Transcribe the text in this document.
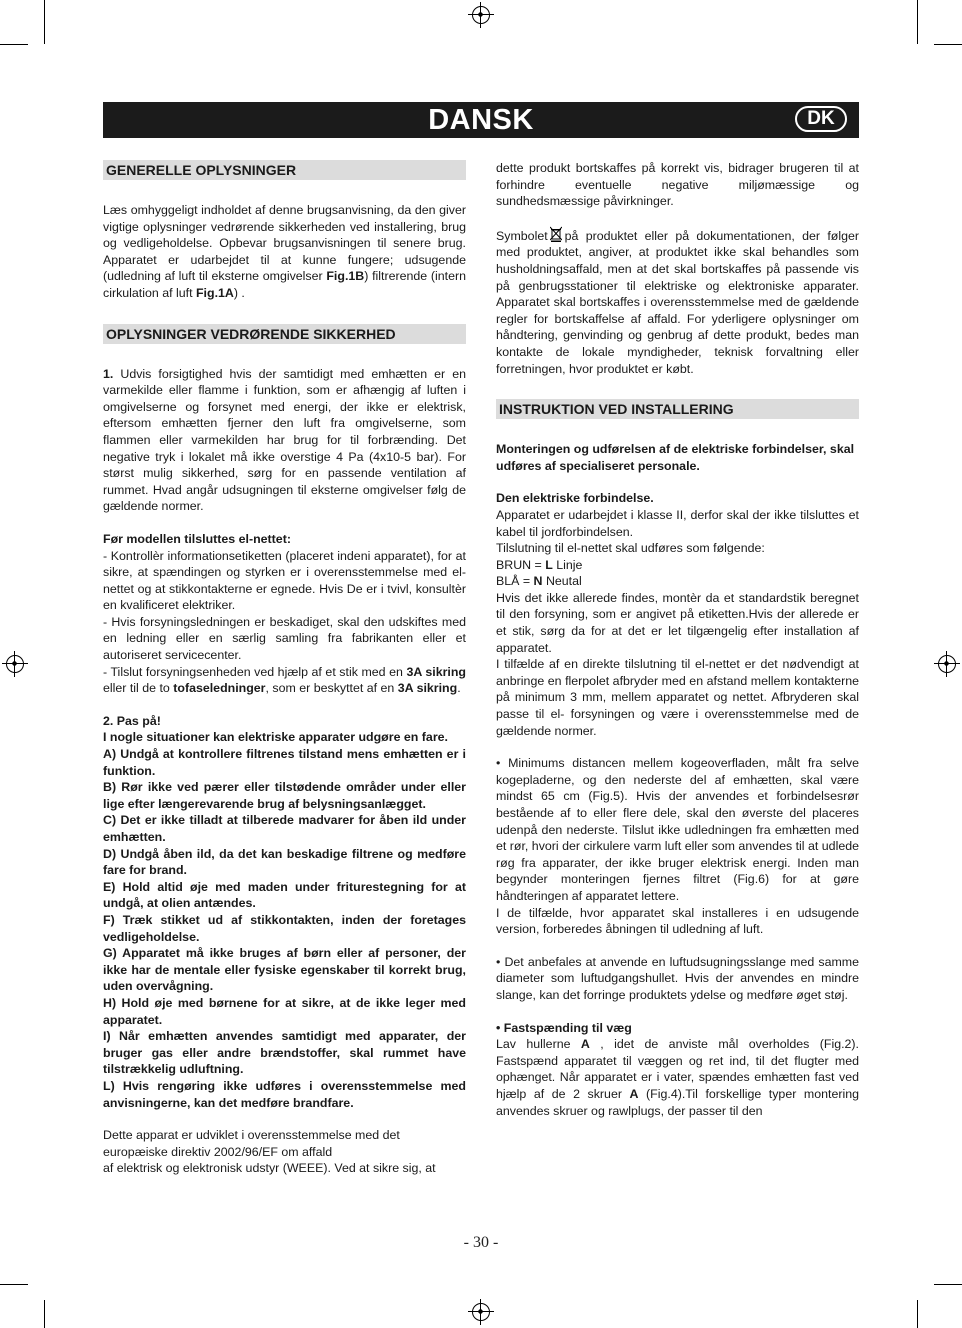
DANSK	DK
GENERELLE OPLYSNINGER

Læs omhyggeligt indholdet af denne brugsanvisning, da den giver vigtige oplysninger vedrørende sikkerheden ved installering, brug og vedligeholdelse. Opbevar brugsanvisningen til senere brug. Apparatet er udarbejdet til at kunne fungere; udsugende (udledning af luft til eksterne omgivelser Fig.1B) filtrerende (intern cirkulation af luft Fig.1A) .

OPLYSNINGER VEDRØRENDE SIKKERHED

1. Udvis forsigtighed hvis der samtidigt med emhætten er en varmekilde eller flamme i funktion, som er afhængig af luften i omgivelserne og forsynet med energi, der ikke er elektrisk, eftersom emhætten fjerner den luft fra omgivelserne, som flammen eller varmekilden har brug for til forbrænding. Det negative tryk i lokalet må ikke overstige 4 Pa (4x10-5 bar). For størst mulig sikkerhed, sørg for en passende ventilation af rummet. Hvad angår udsugningen til eksterne omgivelser følg de gældende normer.

Før modellen tilsluttes el-nettet:

- Kontrollèr informationsetiketten (placeret indeni apparatet), for at sikre, at spændingen og styrken er i overensstemmelse med el-nettet og at stikkontakterne er egnede. Hvis De er i tvivl, konsultèr en kvalificeret elektriker.

- Hvis forsyningsledningen er beskadiget, skal den udskiftes med en ledning eller en særlig samling fra fabrikanten eller et autoriseret servicecenter.

- Tilslut forsyningsenheden ved hjælp af et stik med en 3A sikring eller til de to tofaseledninger, som er beskyttet af en 3A sikring.

2. Pas på!

I nogle situationer kan elektriske apparater udgøre en fare.

A) Undgå at kontrollere filtrenes tilstand mens emhætten er i funktion.

B) Rør ikke ved pærer eller tilstødende områder under eller lige efter længerevarende brug af belysningsanlægget.

C) Det er ikke tilladt at tilberede madvarer for åben ild under emhætten.

D) Undgå åben ild, da det kan beskadige filtrene og medføre fare for brand.

E) Hold altid øje med maden under friturestegning for at undgå, at olien antændes.

F) Træk stikket ud af stikkontakten, inden der foretages vedligeholdelse.

G) Apparatet må ikke bruges af børn eller af personer, der ikke har de mentale eller fysiske egenskaber til korrekt brug, uden overvågning.

H) Hold øje med børnene for at sikre, at de ikke leger med apparatet.

I) Når emhætten anvendes samtidigt med apparater, der bruger gas eller andre brændstoffer, skal rummet have tilstrækkelig udluftning.

L) Hvis rengøring ikke udføres i overensstemmelse med anvisningerne, kan det medføre brandfare.

Dette apparat er udviklet i overensstemmelse med det europæiske direktiv 2002/96/EF om affald

af elektrisk og elektronisk udstyr (WEEE). Ved at sikre sig, at

dette produkt bortskaffes på korrekt vis, bidrager brugeren til at forhindre eventuelle negative miljømæssige og sundhedsmæssige påvirkninger.

Symbolet på produktet eller på dokumentationen, der følger med produktet, angiver, at produktet ikke skal behandles som husholdningsaffald, men at det skal bortskaffes på passende vis på genbrugsstationer til elektriske og elektroniske apparater. Apparatet skal bortskaffes i overensstemmelse med de gældende regler for bortskaffelse af affald. For yderligere oplysninger om håndtering, genvinding og genbrug af dette produkt, bedes man kontakte de lokale myndigheder, teknisk forvaltning eller forretningen, hvor produktet er købt.

INSTRUKTION VED INSTALLERING

Monteringen og udførelsen af de elektriske forbindelser, skal udføres af specialiseret personale.

Den elektriske forbindelse.

Apparatet er udarbejdet i klasse II, derfor skal der ikke tilsluttes et kabel til jordforbindelsen.

Tilslutning til el-nettet skal udføres som følgende:

BRUN = L Linje

BLÅ = N Neutal

Hvis det ikke allerede findes, montèr da et standardstik beregnet til den forsyning, som er angivet på etiketten.Hvis der allerede er et stik, sørg da for at det er let tilgængelig efter installation af apparatet.

I tilfælde af en direkte tilslutning til el-nettet er det nødvendigt at anbringe en flerpolet afbryder med en afstand mellem kontakterne på minimum 3 mm, mellem apparatet og nettet. Afbryderen skal passe til el- forsyningen og være i overensstemmelse med de gældende normer.

• Minimums distancen mellem kogeoverfladen, målt fra selve kogepladerne, og den nederste del af emhætten, skal være mindst 65 cm (Fig.5). Hvis der anvendes et forbindelsesrør bestående af to eller flere dele, skal den øverste del placeres udenpå den nederste. Tilslut ikke udledningen fra emhætten med et rør, hvori der cirkulere varm luft eller som anvendes til at udlede røg fra apparater, der ikke bruger elektrisk energi. Inden man begynder monteringen fjernes filtret (Fig.6) for at gøre håndteringen af apparatet lettere.

I de tilfælde, hvor apparatet skal installeres i en udsugende version, forberedes åbningen til udledning af luft.

• Det anbefales at anvende en luftudsugningsslange med samme diameter som luftudgangshullet. Hvis der anvendes en mindre slange, kan det forringe produktets ydelse og medføre øget støj.

• Fastspænding til væg

Lav hullerne A , idet de anviste mål overholdes (Fig.2). Fastspænd apparatet til væggen og ret ind, til det flugter med ophænget. Når apparatet er i vater, spændes emhætten fast ved hjælp af de 2 skruer A (Fig.4).Til forskellige typer montering anvendes skruer og rawlplugs, der passer til den

- 30 -
